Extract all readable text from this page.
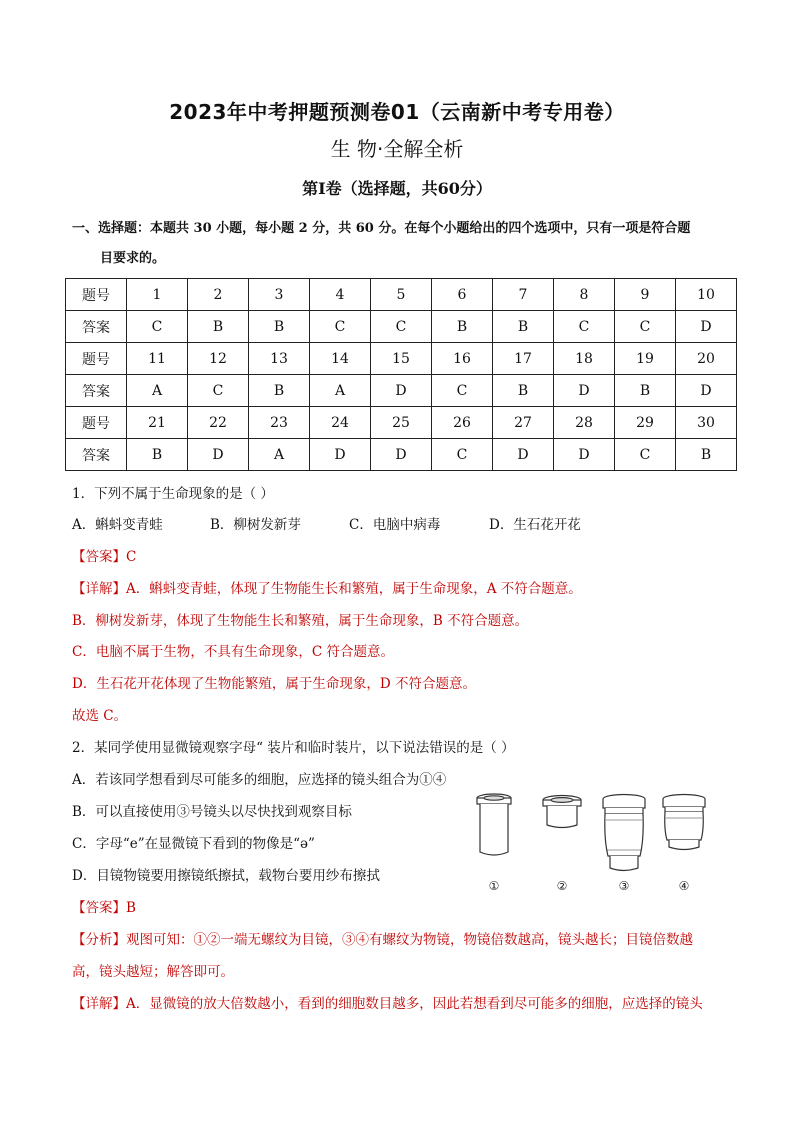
2023年中考押题预测卷01（云南新中考专用卷）
生 物·全解全析
第Ⅰ卷（选择题，共60分）
一、选择题：本题共 30 小题，每小题 2 分，共 60 分。在每个小题给出的四个选项中，只有一项是符合题
目要求的。
题号	1	2	3	4	5	6	7	8	9	10
答案	C	B	B	C	C	B	B	C	C	D
题号	11	12	13	14	15	16	17	18	19	20
答案	A	C	B	A	D	C	B	D	B	D
题号	21	22	23	24	25	26	27	28	29	30
答案	B	D	A	D	D	C	D	D	C	B
1．下列不属于生命现象的是（ ）
A．蝌蚪变青蛙	B．柳树发新芽	C．电脑中病毒	D．生石花开花
【答案】C
【详解】A．蝌蚪变青蛙，体现了生物能生长和繁殖，属于生命现象，A 不符合题意。
B．柳树发新芽，体现了生物能生长和繁殖，属于生命现象，B 不符合题意。
C．电脑不属于生物，不具有生命现象，C 符合题意。
D．生石花开花体现了生物能繁殖，属于生命现象，D 不符合题意。
故选 C。
2．某同学使用显微镜观察字母“ 装片和临时装片，以下说法错误的是（ ）
A．若该同学想看到尽可能多的细胞，应选择的镜头组合为①④
B．可以直接使用③号镜头以尽快找到观察目标
C．字母“e”在显微镜下看到的物像是“ə”
D．目镜物镜要用擦镜纸擦拭，载物台要用纱布擦拭
①	②	③	④
【答案】B
【分析】观图可知：①②一端无螺纹为目镜，③④有螺纹为物镜，物镜倍数越高，镜头越长；目镜倍数越
高，镜头越短；解答即可。
【详解】A．显微镜的放大倍数越小，看到的细胞数目越多，因此若想看到尽可能多的细胞，应选择的镜头
